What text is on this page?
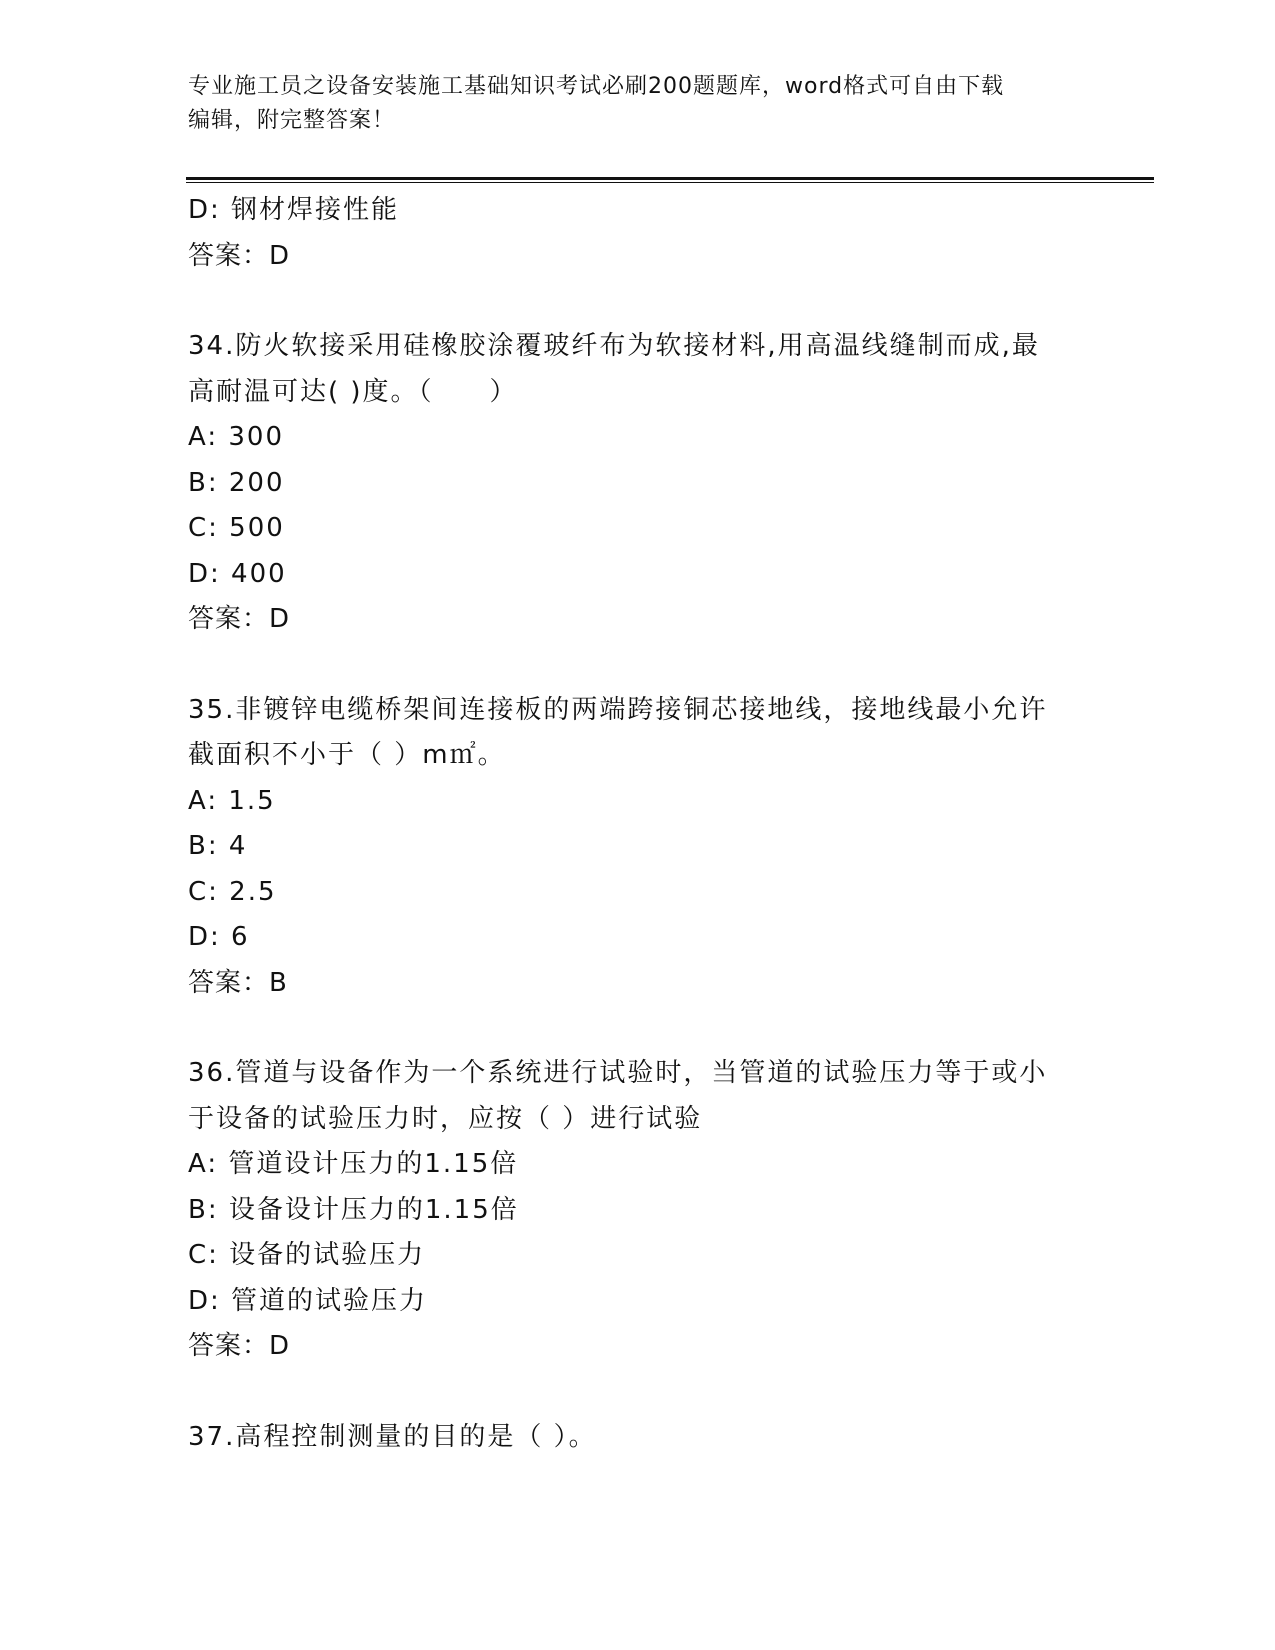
专业施工员之设备安装施工基础知识考试必刷200题题库，word格式可自由下载
编辑，附完整答案！
D: 钢材焊接性能
答案：D
34.防火软接采用硅橡胶涂覆玻纤布为软接材料,用高温线缝制而成,最
高耐温可达( )度。（　　）
A: 300
B: 200
C: 500
D: 400
答案：D
35.非镀锌电缆桥架间连接板的两端跨接铜芯接地线，接地线最小允许
截面积不小于（ ）m㎡。
A: 1.5
B: 4
C: 2.5
D: 6
答案：B
36.管道与设备作为一个系统进行试验时，当管道的试验压力等于或小
于设备的试验压力时，应按（ ）进行试验
A: 管道设计压力的1.15倍
B: 设备设计压力的1.15倍
C: 设备的试验压力
D: 管道的试验压力
答案：D
37.高程控制测量的目的是（ ）。
